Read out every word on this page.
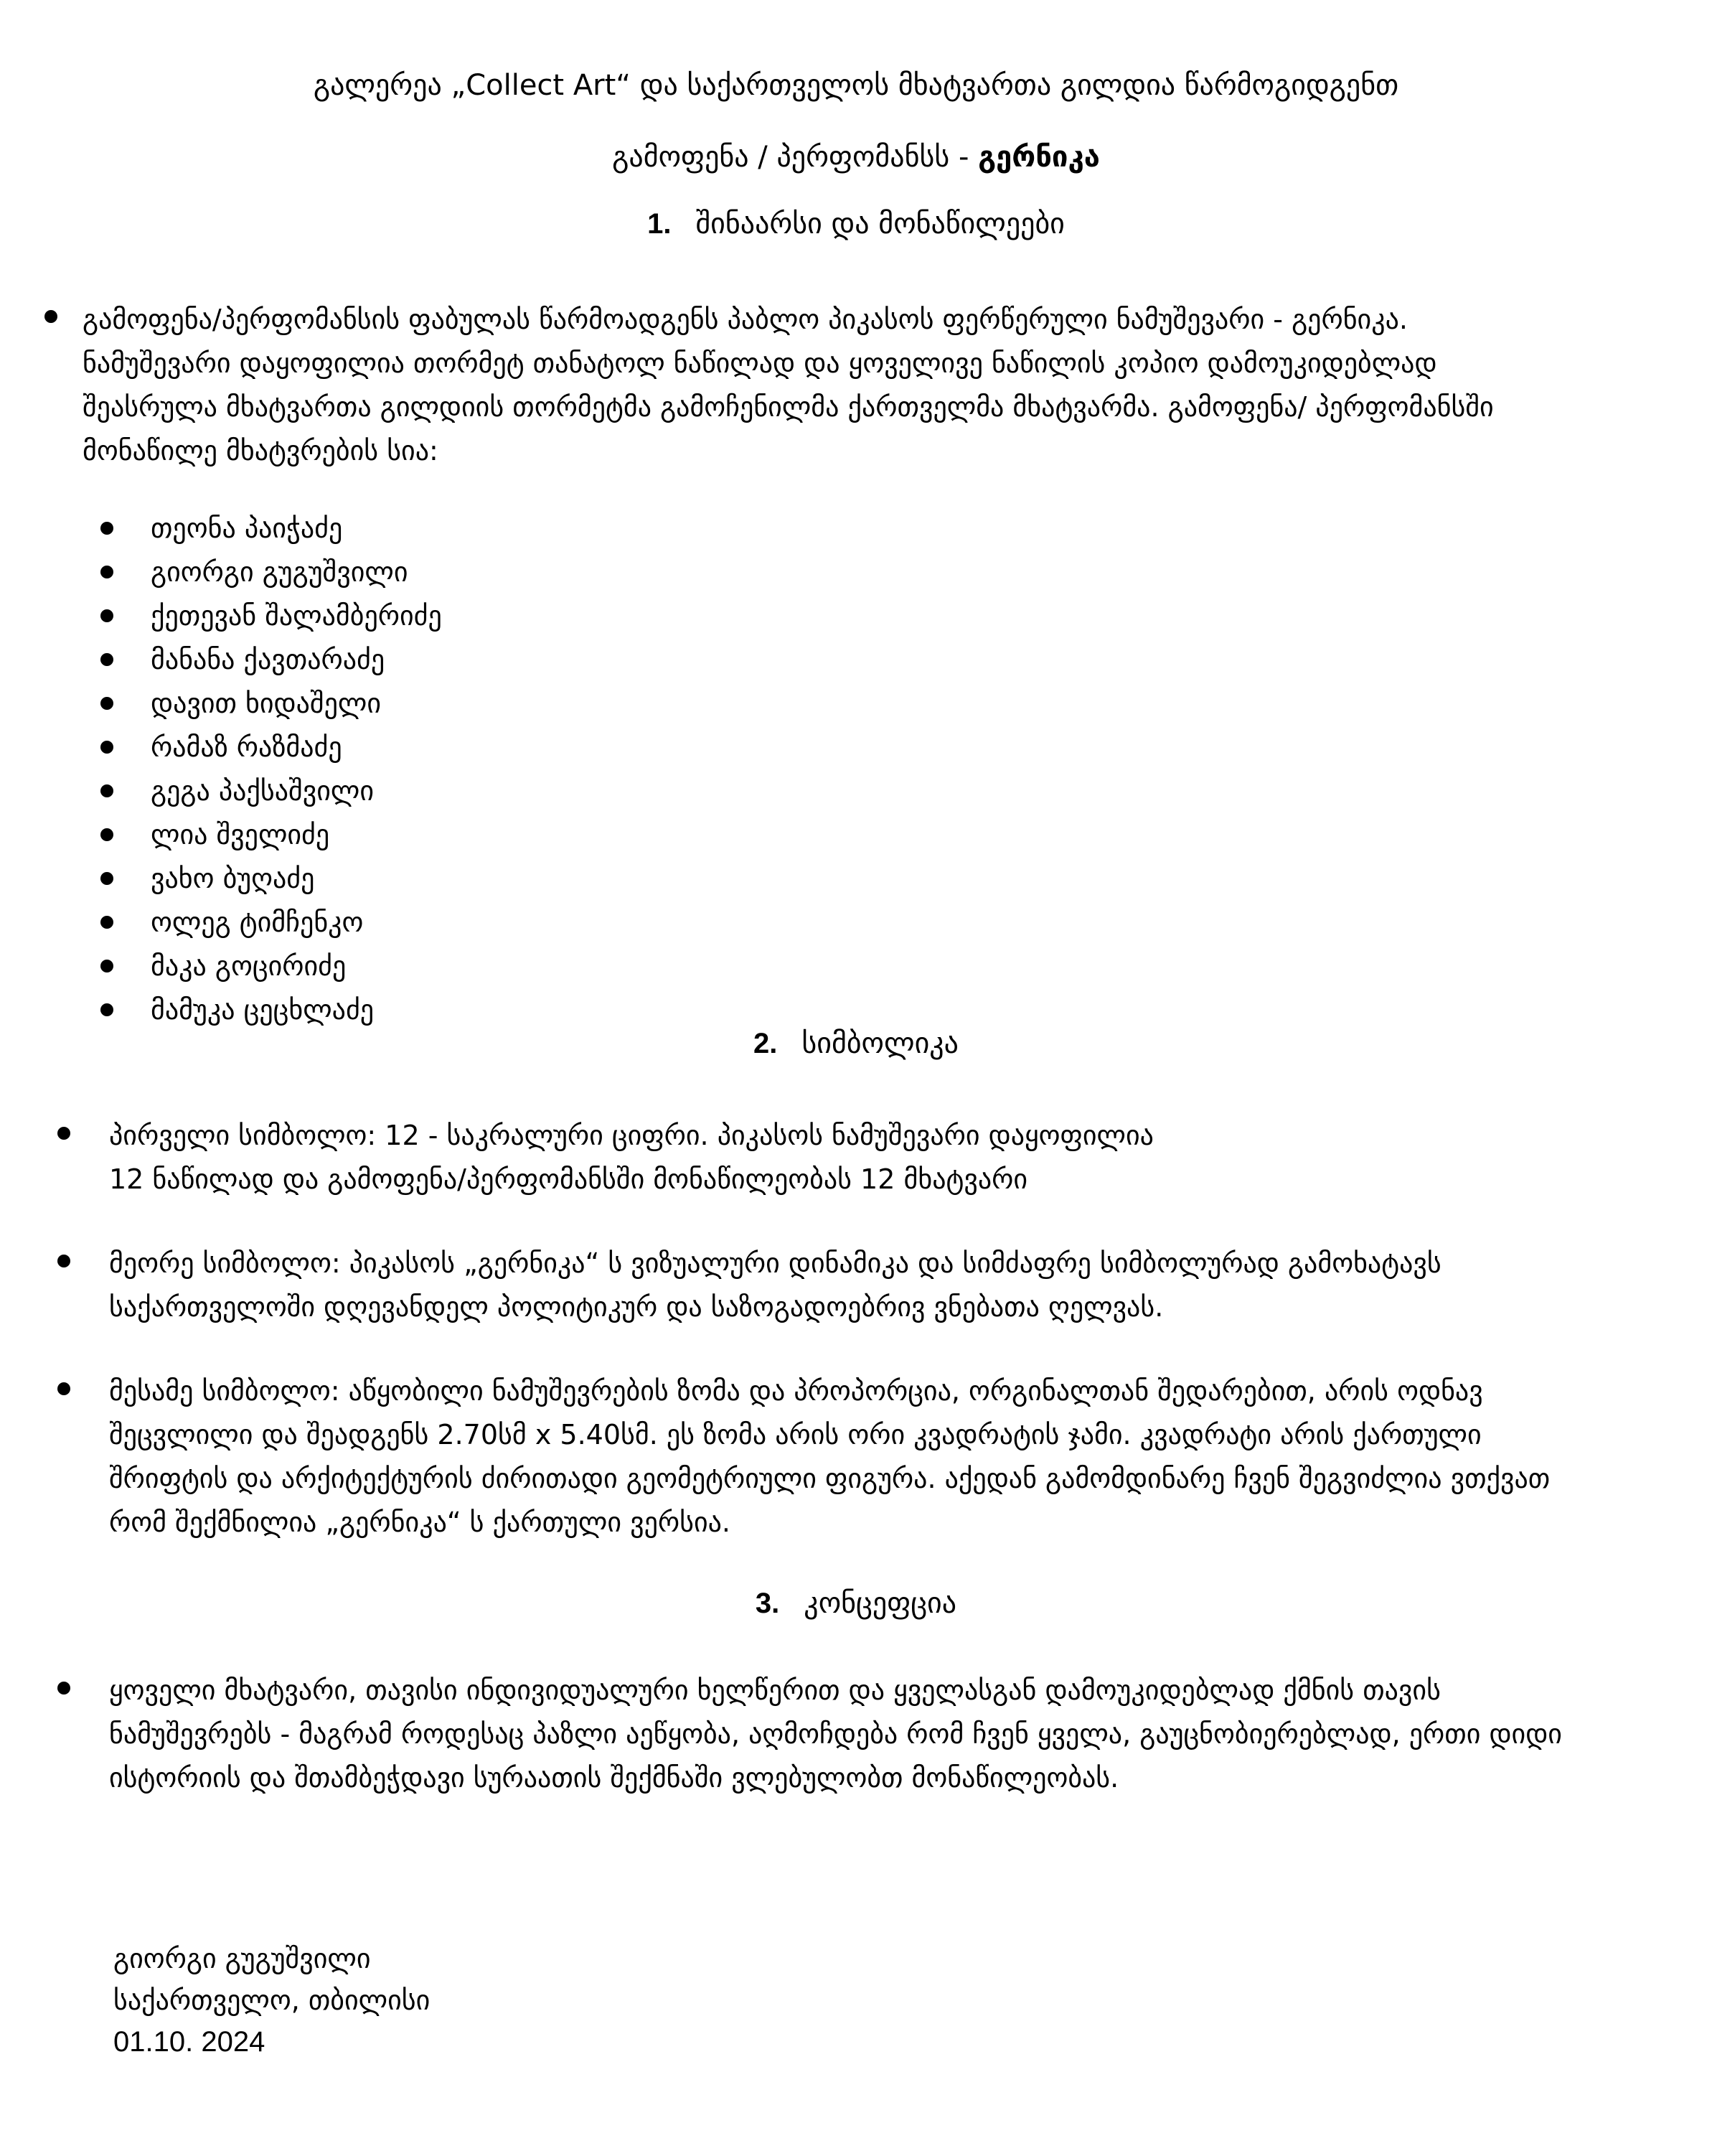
გალერეა „Collect Art“ და საქართველოს მხატვართა გილდია წარმოგიდგენთ
გამოფენა / პერფომანსს - გერნიკა
1. შინაარსი და მონაწილეები
გამოფენა/პერფომანსის ფაბულას წარმოადგენს პაბლო პიკასოს ფერწერული ნამუშევარი - გერნიკა. ნამუშევარი დაყოფილია თორმეტ თანატოლ ნაწილად და ყოველივე ნაწილის კოპიო დამოუკიდებლად შეასრულა მხატვართა გილდიის თორმეტმა გამოჩენილმა ქართველმა მხატვარმა. გამოფენა/ პერფომანსში მონაწილე მხატვრების სია:
თეონა პაიჭაძე
გიორგი გუგუშვილი
ქეთევან შალამბერიძე
მანანა ქავთარაძე
დავით ხიდაშელი
რამაზ რაზმაძე
გეგა პაქსაშვილი
ლია შველიძე
ვახო ბუღაძე
ოლეგ ტიმჩენკო
მაკა გოცირიძე
მამუკა ცეცხლაძე
2. სიმბოლიკა
პირველი სიმბოლო: 12 - საკრალური ციფრი. პიკასოს ნამუშევარი დაყოფილია
12 ნაწილად და გამოფენა/პერფომანსში მონაწილეობას 12 მხატვარი
მეორე სიმბოლო: პიკასოს „გერნიკა“ ს ვიზუალური დინამიკა და სიმძაფრე სიმბოლურად გამოხატავს საქართველოში დღევანდელ პოლიტიკურ და საზოგადოებრივ ვნებათა ღელვას.
მესამე სიმბოლო: აწყობილი ნამუშევრების ზომა და პროპორცია, ორგინალთან შედარებით, არის ოდნავ შეცვლილი და შეადგენს 2.70სმ x 5.40სმ. ეს ზომა არის ორი კვადრატის ჯამი. კვადრატი არის ქართული შრიფტის და არქიტექტურის ძირითადი გეომეტრიული ფიგურა. აქედან გამომდინარე ჩვენ შეგვიძლია ვთქვათ რომ შექმნილია „გერნიკა“ ს ქართული ვერსია.
3. კონცეფცია
ყოველი მხატვარი, თავისი ინდივიდუალური ხელწერით და ყველასგან დამოუკიდებლად ქმნის თავის ნამუშევრებს - მაგრამ როდესაც პაზლი აეწყობა, აღმოჩდება რომ ჩვენ ყველა, გაუცნობიერებლად, ერთი დიდი ისტორიის და შთამბეჭდავი სურაათის შექმნაში ვლებულობთ მონაწილეობას.
გიორგი გუგუშვილი
საქართველო, თბილისი
01.10. 2024
